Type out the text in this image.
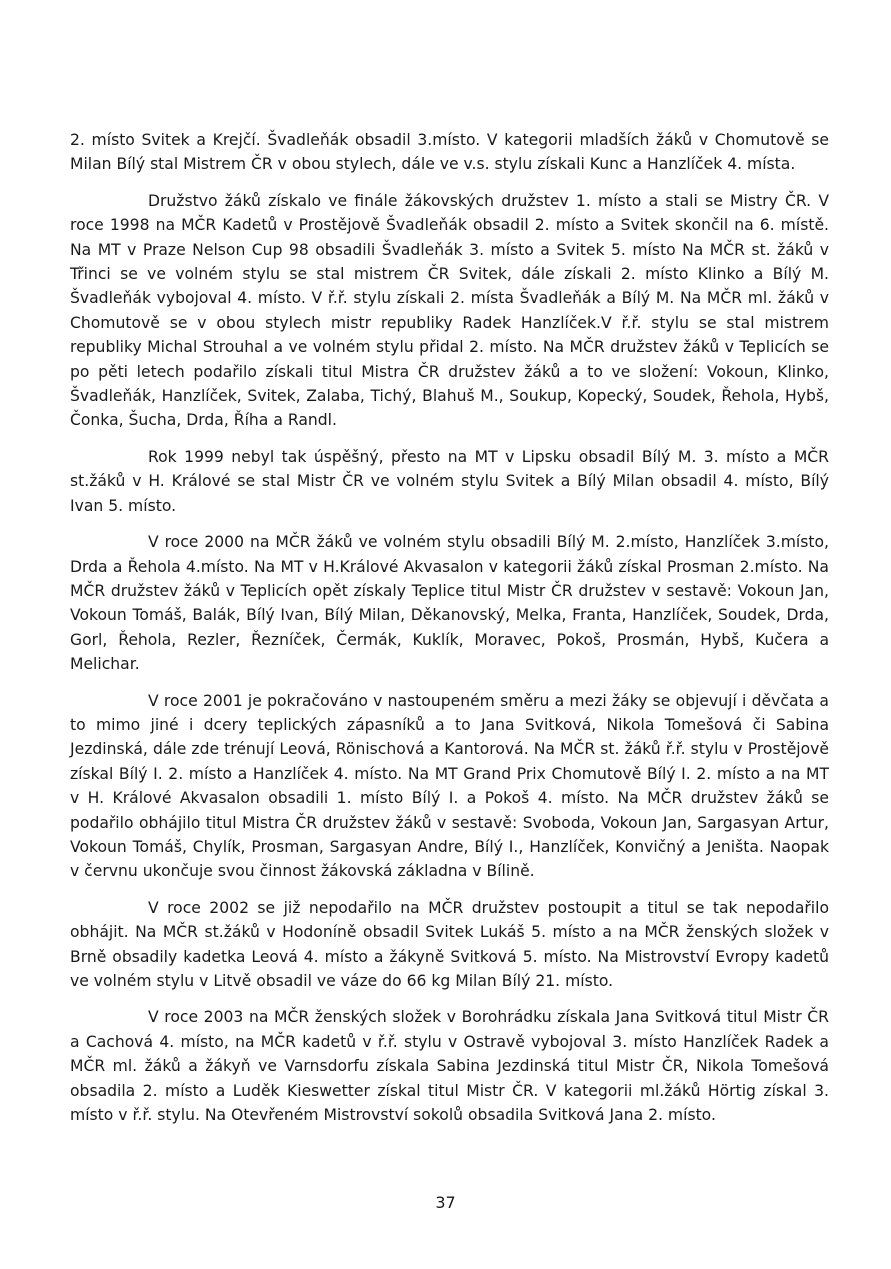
2. místo Svitek a Krejčí. Švadleňák obsadil 3.místo. V kategorii mladších žáků v Chomutově se Milan Bílý stal Mistrem ČR v obou stylech, dále ve v.s. stylu získali Kunc a Hanzlíček 4. místa.

Družstvo žáků získalo ve finále žákovských družstev 1. místo a stali se Mistry ČR. V roce 1998 na MČR Kadetů v Prostějově Švadleňák obsadil 2. místo a Svitek skončil na 6. místě. Na MT v Praze Nelson Cup 98 obsadili Švadleňák 3. místo a Svitek 5. místo Na MČR st. žáků v Třinci se ve volném stylu se stal mistrem ČR Svitek, dále získali 2. místo Klinko a Bílý M. Švadleňák vybojoval 4. místo. V ř.ř. stylu získali 2. místa Švadleňák a Bílý M. Na MČR ml. žáků v Chomutově se v obou stylech mistr republiky Radek Hanzlíček.V ř.ř. stylu se stal mistrem republiky Michal Strouhal a ve volném stylu přidal 2. místo. Na MČR družstev žáků v Teplicích se po pěti letech podařilo získali titul Mistra ČR družstev žáků a to ve složení: Vokoun, Klinko, Švadleňák, Hanzlíček, Svitek, Zalaba, Tichý, Blahuš M., Soukup, Kopecký, Soudek, Řehola, Hybš, Čonka, Šucha, Drda, Říha a Randl.

Rok 1999 nebyl tak úspěšný, přesto na MT v Lipsku obsadil Bílý M. 3. místo a MČR st.žáků v H. Králové se stal Mistr ČR ve volném stylu Svitek a Bílý Milan obsadil 4. místo, Bílý Ivan 5. místo.

V roce 2000 na MČR žáků ve volném stylu obsadili Bílý M. 2.místo, Hanzlíček 3.místo, Drda a Řehola 4.místo. Na MT v H.Králové Akvasalon v kategorii žáků získal Prosman 2.místo. Na MČR družstev žáků v Teplicích opět získaly Teplice titul Mistr ČR družstev v sestavě: Vokoun Jan, Vokoun Tomáš, Balák, Bílý Ivan, Bílý Milan, Děkanovský, Melka, Franta, Hanzlíček, Soudek, Drda, Gorl, Řehola, Rezler, Řezníček, Čermák, Kuklík, Moravec, Pokoš, Prosmán, Hybš, Kučera a Melichar.

V roce 2001 je pokračováno v nastoupeném směru a mezi žáky se objevují i děvčata a to mimo jiné i dcery teplických zápasníků a to Jana Svitková, Nikola Tomešová či Sabina Jezdinská, dále zde trénují Leová, Rönischová a Kantorová. Na MČR st. žáků ř.ř. stylu v Prostějově získal Bílý I. 2. místo a Hanzlíček 4. místo. Na MT Grand Prix Chomutově Bílý I. 2. místo a na MT v H. Králové Akvasalon obsadili 1. místo Bílý I. a Pokoš 4. místo. Na MČR družstev žáků se podařilo obhájilo titul Mistra ČR družstev žáků v sestavě: Svoboda, Vokoun Jan, Sargasyan Artur, Vokoun Tomáš, Chylík, Prosman, Sargasyan Andre, Bílý I., Hanzlíček, Konvičný a Jeništa. Naopak v červnu ukončuje svou činnost žákovská základna v Bílině.

V roce 2002 se již nepodařilo na MČR družstev postoupit a titul se tak nepodařilo obhájit. Na MČR st.žáků v Hodoníně obsadil Svitek Lukáš 5. místo a na MČR ženských složek v Brně obsadily kadetka Leová 4. místo a žákyně Svitková 5. místo. Na Mistrovství Evropy kadetů ve volném stylu v Litvě obsadil ve váze do 66 kg Milan Bílý 21. místo.

V roce 2003 na MČR ženských složek v Borohrádku získala Jana Svitková titul Mistr ČR a Cachová 4. místo, na MČR kadetů v ř.ř. stylu v Ostravě vybojoval 3. místo Hanzlíček Radek a MČR ml. žáků a žákyň ve Varnsdorfu získala Sabina Jezdinská titul Mistr ČR, Nikola Tomešová obsadila 2. místo a Luděk Kieswetter získal titul Mistr ČR. V kategorii ml.žáků Hörtig získal 3. místo v ř.ř. stylu. Na Otevřeném Mistrovství sokolů obsadila Svitková Jana 2. místo.

37
